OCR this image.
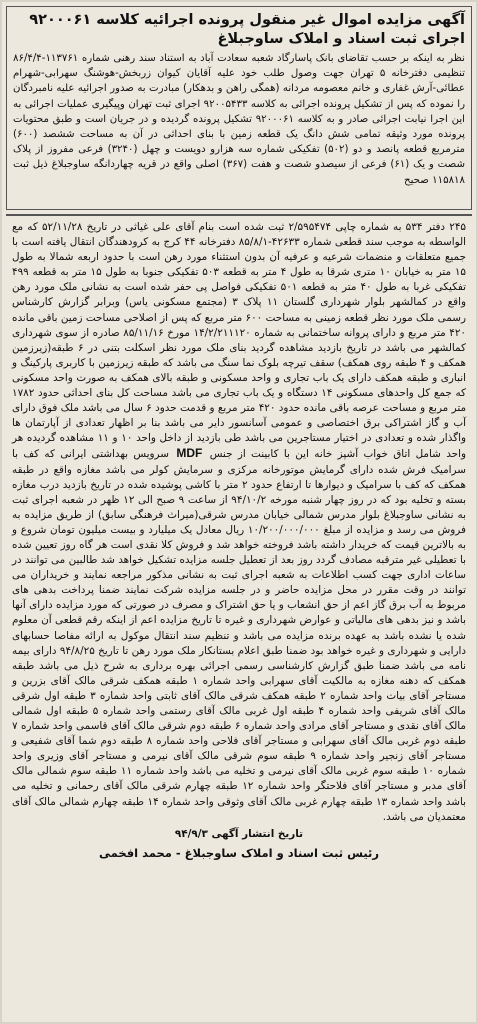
آگهی مزایده اموال غیر منقول پرونده اجرائیه کلاسه ۹۲۰۰۰۶۱ اجرای ثبت اسناد و املاک ساوجبلاغ

نظر به اینکه بر حسب تقاضای بانک پاسارگاد شعبه سعادت آباد به استناد سند رهنی شماره ۱۱۳۷۶۱-۸۶/۴/۴ تنظیمی دفترخانه ۵ تهران جهت وصول طلب خود علیه آقایان کیوان زربخش-هوشنگ سهرابی-شهرام عطائی-آرش غفاری و خانم معصومه مردانه (همگی راهن و بدهکار) مبادرت به صدور اجرائیه علیه نامبردگان را نموده که پس از تشکیل پرونده اجرائی به کلاسه ۹۲۰۰۵۴۳۳ اجرای ثبت تهران وپیگیری عملیات اجرائی به این اجرا نیابت اجرائی صادر و به کلاسه ۹۲۰۰۰۶۱ تشکیل پرونده گردیده و در جریان است و طبق محتویات پرونده مورد وثیقه تمامی شش دانگ یک قطعه زمین با بنای احداثی در آن به مساحت ششصد (۶۰۰) مترمربع قطعه پانصد و دو (۵۰۲) تفکیکی شماره سه هزارو دویست و چهل (۳۲۴۰) فرعی مفروز از پلاک شصت و یک (۶۱) فرعی از سیصدو شصت و هفت (۳۶۷) اصلی واقع در قریه چهاردانگه ساوجبلاغ ذیل ثبت ۱۱۵۸۱۸ صحیح

۲۴۵ دفتر ۵۳۴ به شماره چاپی ۲/۵۹۵۴۷۴ ثبت شده است بنام آقای علی غیاثی در تاریخ ۵۲/۱۱/۲۸ که مع الواسطه به موجب سند قطعی شماره ۴۲۶۳۳-۸۵/۸/۱ دفترخانه ۴۴ کرج به کرودهندگان انتقال یافته است با جمیع متعلقات و منضمات شرعیه و عرفیه آن بدون استثناء مورد رهن است با حدود اربعه شمالا به طول ۱۵ متر به خیابان ۱۰ متری شرقا به طول ۴ متر به قطعه ۵۰۳ تفکیکی جنوبا به طول ۱۵ متر به قطعه ۴۹۹ تفکیکی غربا به طول ۴۰ متر به قطعه ۵۰۱ تفکیکی فواصل پی حفر شده است به نشانی ملک مورد رهن واقع در کمالشهر بلوار شهرداری گلستان ۱۱ پلاک ۳ (مجتمع مسکونی یاس) وبرابر گزارش کارشناس رسمی ملک مورد نظر قطعه زمینی به مساحت ۶۰۰ متر مربع که پس از اصلاحی مساحت زمین باقی مانده ۴۲۰ متر مربع و دارای پروانه ساختمانی به شماره ۱۴/۲/۲۱۱۱۲۰ مورخ ۸۵/۱۱/۱۶ صادره از سوی شهرداری کمالشهر می باشد در تاریخ بازدید مشاهده گردید بنای ملک مورد نظر اسکلت بتنی در ۶ طبقه(زیرزمین همکف و ۴ طبقه روی همکف) سقف تیرچه بلوک نما سنگ می باشد که طبقه زیرزمین با کاربری پارکینگ و انباری و طبقه همکف دارای یک باب تجاری و واحد مسکونی و طبقه بالای همکف به صورت واحد مسکونی که جمع کل واحدهای مسکونی ۱۴ دستگاه و یک باب تجاری می باشد مساحت کل بنای احداثی حدود ۱۷۸۲ متر مربع و مساحت عرصه باقی مانده حدود ۴۲۰ متر مربع و قدمت حدود ۶ سال می باشد ملک فوق دارای آب و گاز اشتراکی برق اختصاصی و عمومی آسانسور دایر می باشد بنا بر اظهار تعدادی از آپارتمان ها واگذار شده و تعدادی در اختیار مستاجرین می باشد طی بازدید از داخل واحد ۱۰ و ۱۱ مشاهده گردیده هر واحد شامل اتاق خواب آشپز خانه این با کابینت از جنس MDF سرویس بهداشتی ایرانی که کف با سرامیک فرش شده دارای گرمایش موتورخانه مرکزی و سرمایش کولر می باشد مغازه واقع در طبقه همکف که کف با سرامیک و دیوارها تا ارتفاع حدود ۲ متر با کاشی پوشیده شده در تاریخ بازدید درب مغازه بسته و تخلیه بود که در روز چهار شنبه مورخه ۹۴/۱۰/۲ از ساعت ۹ صبح الی ۱۲ ظهر در شعبه اجرای ثبت به نشانی ساوجبلاغ بلوار مدرس شمالی خیابان مدرس شرقی(میراث فرهنگی سابق) از طریق مزایده به فروش می رسد و مزایده از مبلغ ۱۰/۲۰۰/۰۰۰/۰۰۰ ریال معادل یک میلیارد و بیست میلیون تومان شروع و به بالاترین قیمت که خریدار داشته باشد فروخته خواهد شد و فروش کلا نقدی است هر گاه روز تعیین شده با تعطیلی غیر مترقبه مصادف گردد روز بعد از تعطیل جلسه مزایده تشکیل خواهد شد طالبین می توانند در ساعات اداری جهت کسب اطلاعات به شعبه اجرای ثبت به نشانی مذکور مراجعه نمایند و خریداران می توانند در وقت مقرر در محل مزایده حاضر و در جلسه مزایده شرکت نمایند ضمنا پرداخت بدهی های مربوط به آب برق گاز اعم از حق انشعاب و یا حق اشتراک و مصرف در صورتی که مورد مزایده دارای آنها باشد و نیز بدهی های مالیاتی و عوارض شهرداری و غیره تا تاریخ مزایده اعم از اینکه رقم قطعی آن معلوم شده یا نشده باشد به عهده برنده مزایده می باشد و تنظیم سند انتقال موکول به ارائه مفاصا حسابهای دارایی و شهرداری و غیره خواهد بود ضمنا طبق اعلام بستانکار ملک مورد رهن تا تاریخ ۹۴/۸/۲۵ دارای بیمه نامه می باشد ضمنا طبق گزارش کارشناسی رسمی اجرائی بهره برداری به شرح ذیل می باشد طبقه همکف که دهنه مغازه به مالکیت آقای سهرابی واحد شماره ۱ طبقه همکف شرقی مالک آقای بزرین و مستاجر آقای بیات واحد شماره ۲ طبقه همکف شرقی مالک آقای ثابتی واحد شماره ۳ طبقه اول شرقی مالک آقای شریفی واحد شماره ۴ طبقه اول غربی مالک آقای رستمی واحد شماره ۵ طبقه اول شمالی مالک آقای نقدی و مستاجر آقای مرادی واحد شماره ۶ طبقه دوم شرقی مالک آقای قاسمی واحد شماره ۷ طبقه دوم غربی مالک آقای سهرابی و مستاجر آقای فلاحی واحد شماره ۸ طبقه دوم شما آقای شفیعی و مستاجر آقای زنجیر واحد شماره ۹ طبقه سوم شرقی مالک آقای نیرمی و مستاجر آقای وزیری واحد شماره ۱۰ طبقه سوم غربی مالک آقای نیرمی و تخلیه می باشد واحد شماره ۱۱ طبقه سوم شمالی مالک آقای مدبر و مستاجر آقای فلاحتگر واحد شماره ۱۲ طبقه چهارم شرقی مالک آقای رحمانی و تخلیه می باشد واحد شماره ۱۳ طبقه چهارم غربی مالک آقای وثوقی واحد شماره ۱۴ طبقه چهارم شمالی مالک آقای معتمدیان می باشد.

تاریخ انتشار آگهی ۹۴/۹/۳

رئیس ثبت اسناد و املاک ساوجبلاغ - محمد افخمی
